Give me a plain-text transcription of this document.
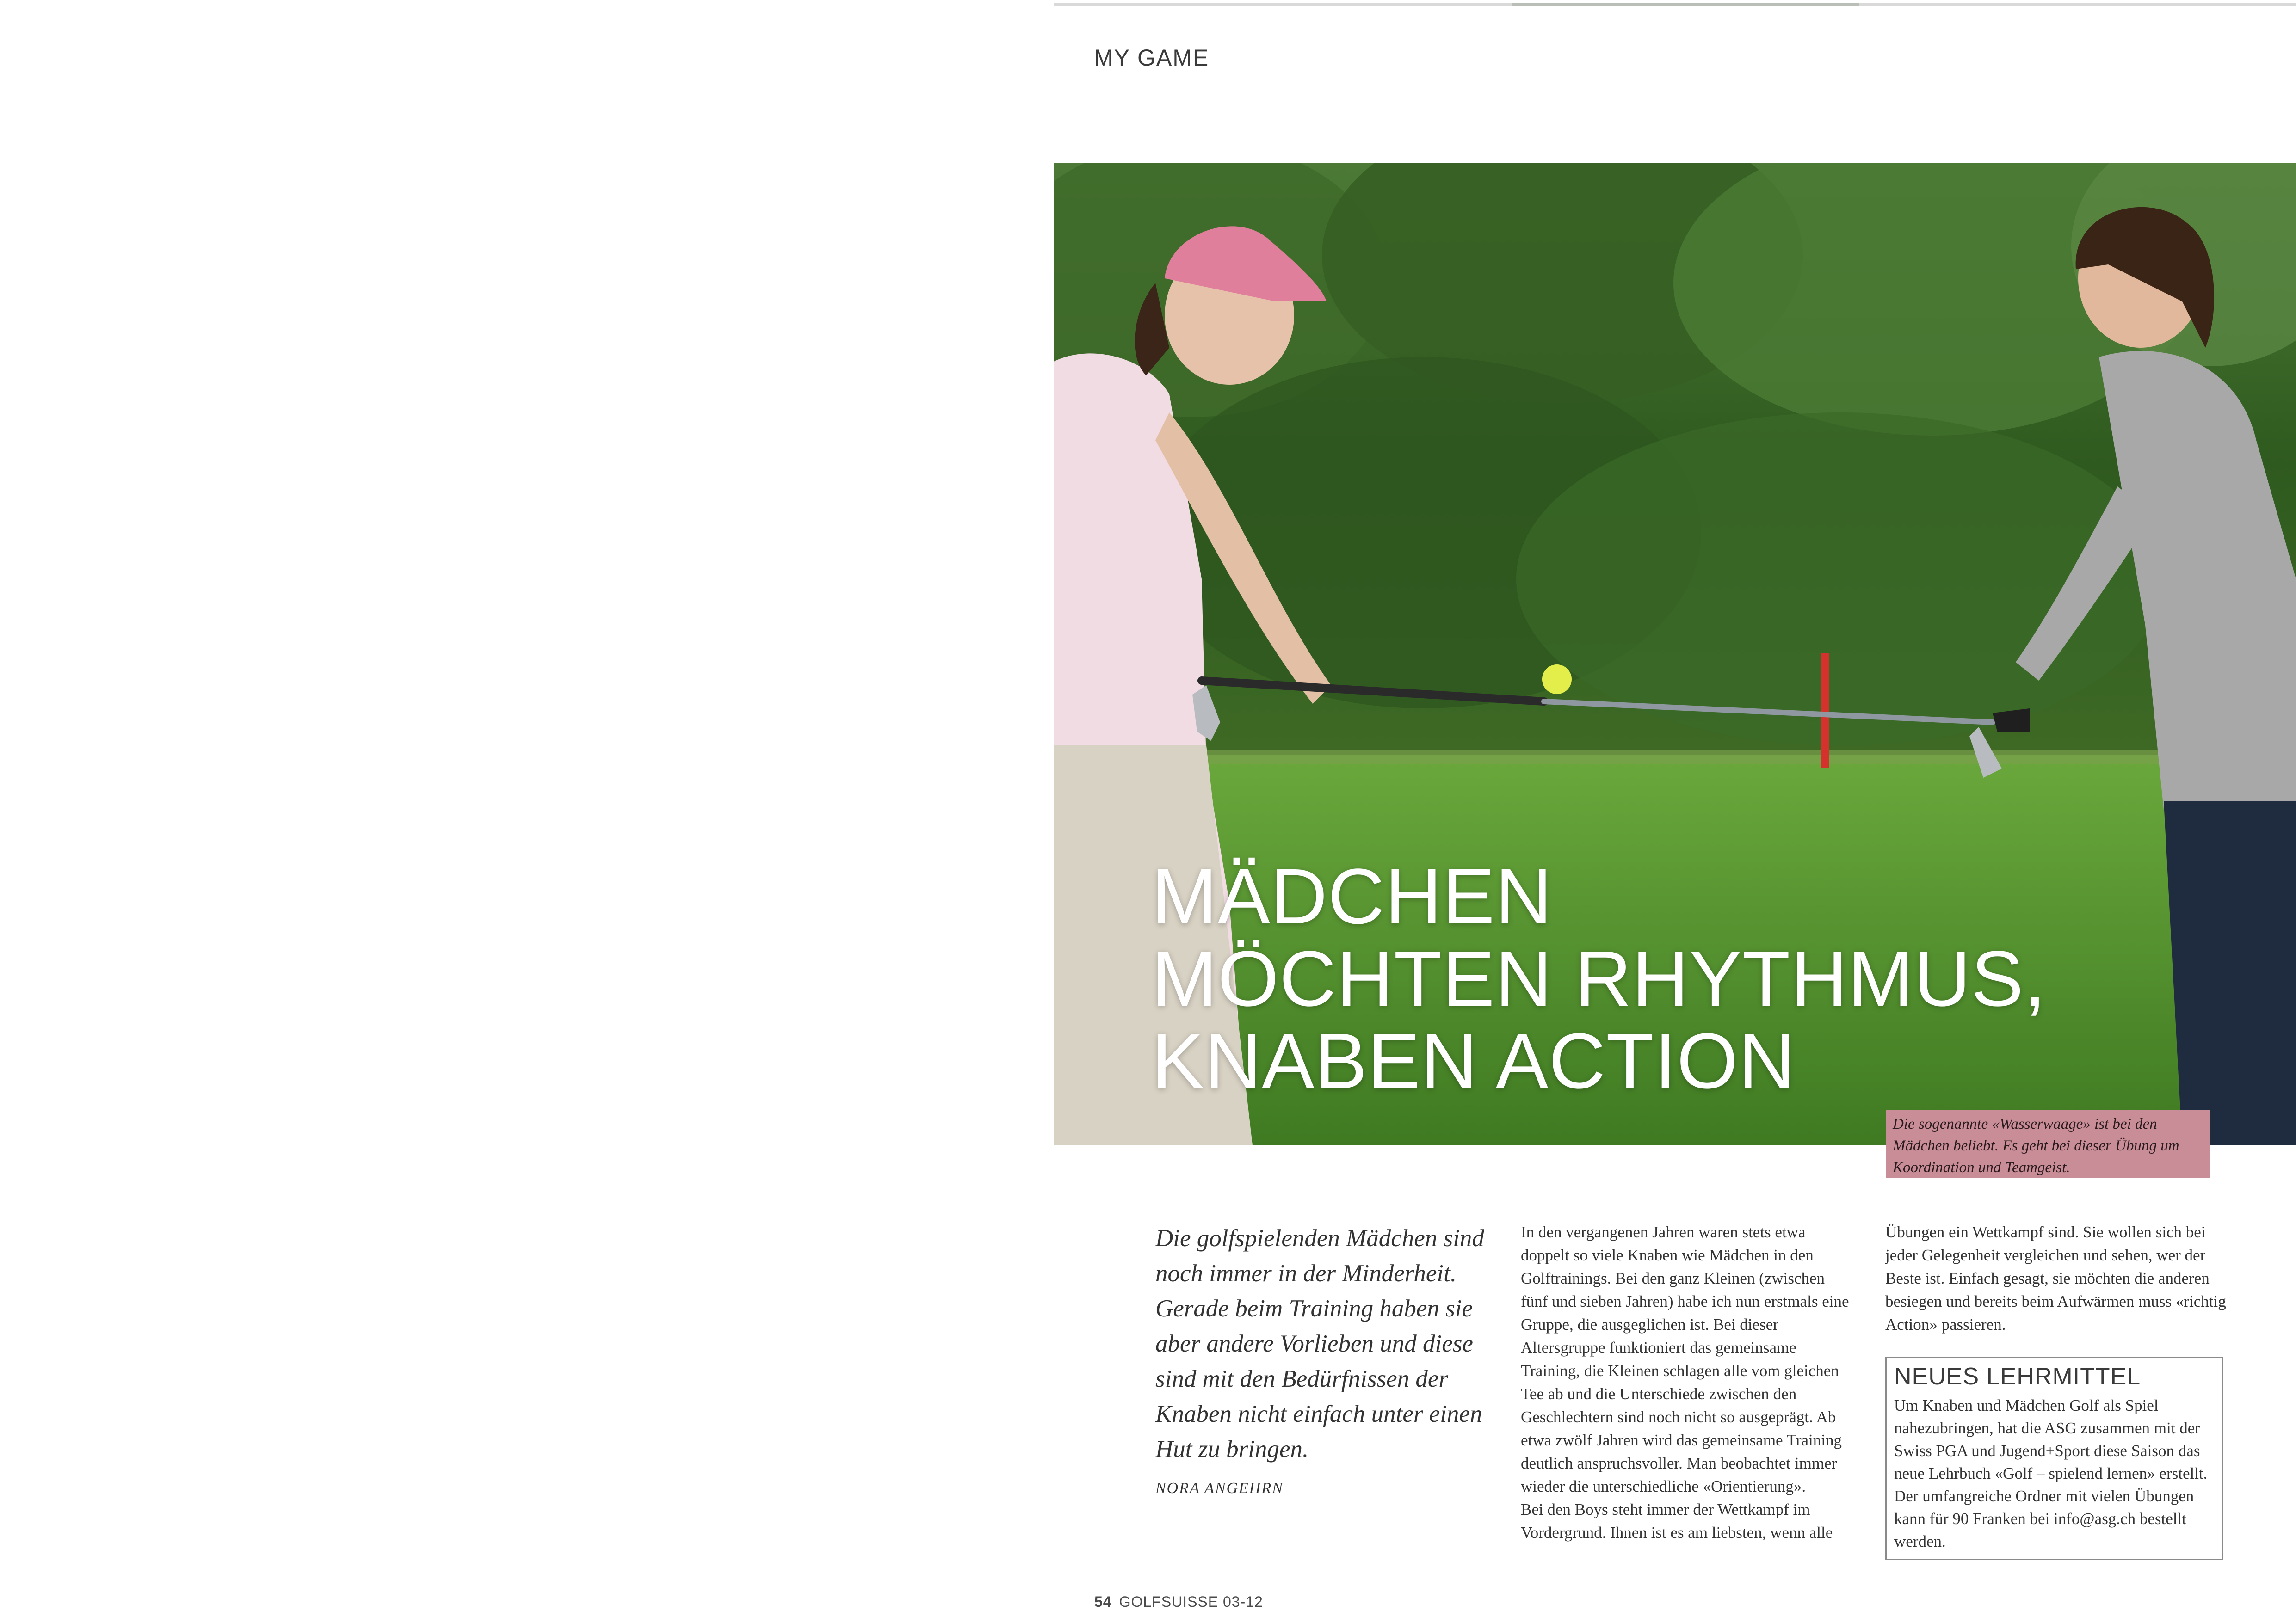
MY GAME
MÄDCHEN
MÖCHTEN RHYTHMUS,
KNABEN ACTION
Die sogenannte «Wasserwaage» ist bei den Mädchen beliebt. Es geht bei dieser Übung um Koordination und Teamgeist.
Die golfspielenden Mädchen sind noch immer in der Minderheit. Gerade beim Training haben sie aber andere Vorlieben und diese sind mit den Bedürfnissen der Knaben nicht einfach unter einen Hut zu bringen.
NORA ANGEHRN

In den vergangenen Jahren waren stets etwa doppelt so viele Knaben wie Mädchen in den Golftrainings. Bei den ganz Kleinen (zwischen fünf und sieben Jahren) habe ich nun erstmals eine Gruppe, die ausgeglichen ist. Bei dieser Altersgruppe funktioniert das gemeinsame Training, die Kleinen schlagen alle vom gleichen Tee ab und die Unterschiede zwischen den Geschlechtern sind noch nicht so ausgeprägt. Ab etwa zwölf Jahren wird das gemeinsame Training deutlich anspruchsvoller. Man beobachtet immer wieder die unterschiedliche «Orientierung».

Bei den Boys steht immer der Wettkampf im Vordergrund. Ihnen ist es am liebsten, wenn alle

Übungen ein Wettkampf sind. Sie wollen sich bei jeder Gelegenheit vergleichen und sehen, wer der Beste ist. Einfach gesagt, sie möchten die anderen besiegen und bereits beim Aufwärmen muss «richtig Action» passieren.

NEUES LEHRMITTEL
Um Knaben und Mädchen Golf als Spiel nahezubringen, hat die ASG zusammen mit der Swiss PGA und Jugend+Sport diese Saison das neue Lehrbuch «Golf – spielend lernen» erstellt. Der umfangreiche Ordner mit vielen Übungen kann für 90 Franken bei info@asg.ch bestellt werden.
54 GOLFSUISSE 03-12
